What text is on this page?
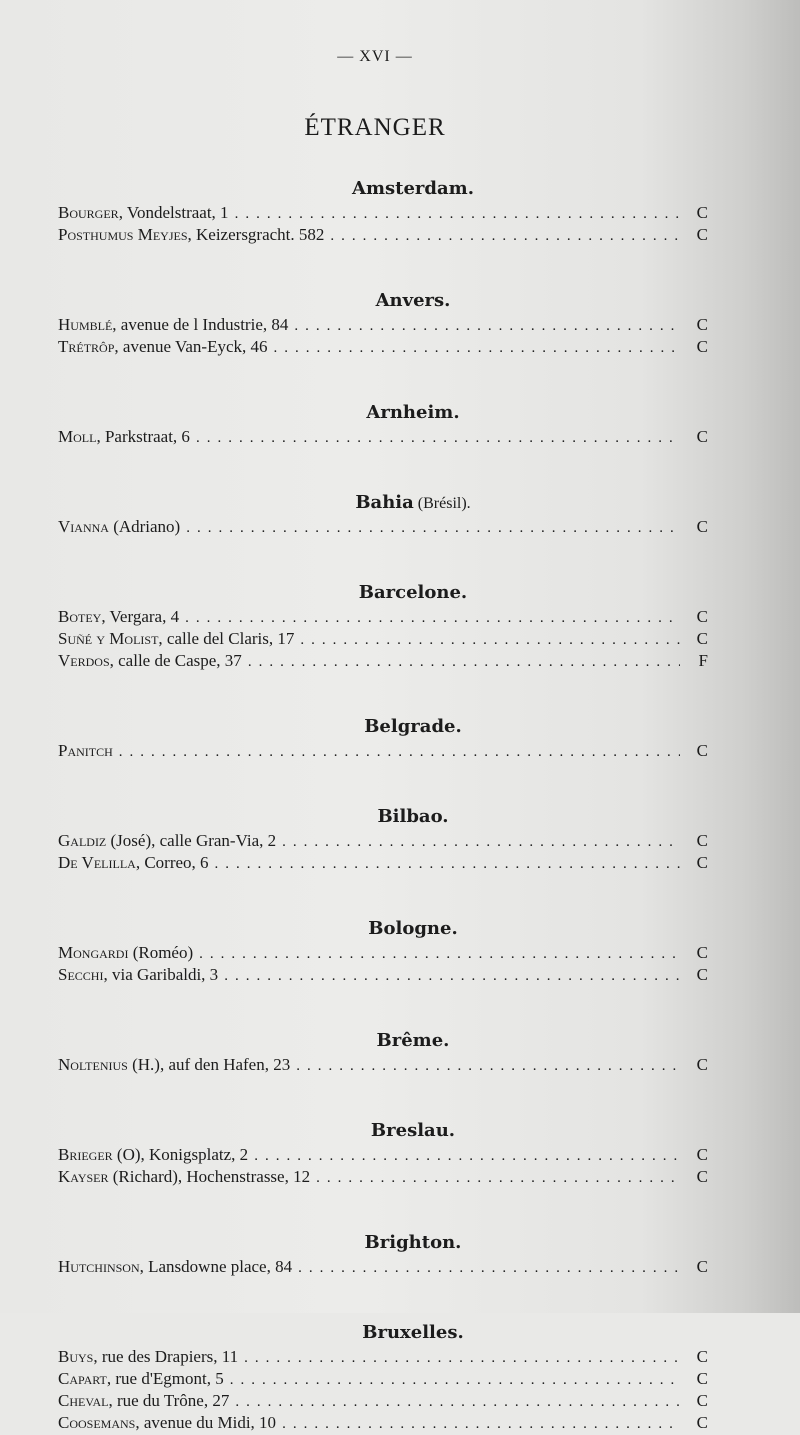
— XVI —
ÉTRANGER
Amsterdam.
Bourger, Vondelstraat, 1 .....	C
Posthumus Meyjes, Keizersgracht. 582 .....	C
Anvers.
Humblé, avenue de l Industrie, 84 .....	C
Trétrôp, avenue Van-Eyck, 46 .....	C
Arnheim.
Moll, Parkstraat, 6 .....	C
Bahia (Brésil).
Vianna (Adriano) .....	C
Barcelone.
Botey, Vergara, 4 .....	C
Suñé y Molist, calle del Claris, 17 .....	C
Verdos, calle de Caspe, 37 .....	F
Belgrade.
Panitch .....	C
Bilbao.
Galdiz (José), calle Gran-Via, 2 .....	C
De Velilla, Correo, 6 .....	C
Bologne.
Mongardi (Roméo) .....	C
Secchi, via Garibaldi, 3 .....	C
Brême.
Noltenius (H.), auf den Hafen, 23 .....	C
Breslau.
Brieger (O), Konigsplatz, 2 .....	C
Kayser (Richard), Hochenstrasse, 12 .....	C
Brighton.
Hutchinson, Lansdowne place, 84 .....	C
Bruxelles.
Buys, rue des Drapiers, 11 .....	C
Capart, rue d'Egmont, 5 .....	C
Cheval, rue du Trône, 27 .....	C
Coosemans, avenue du Midi, 10 .....	C
